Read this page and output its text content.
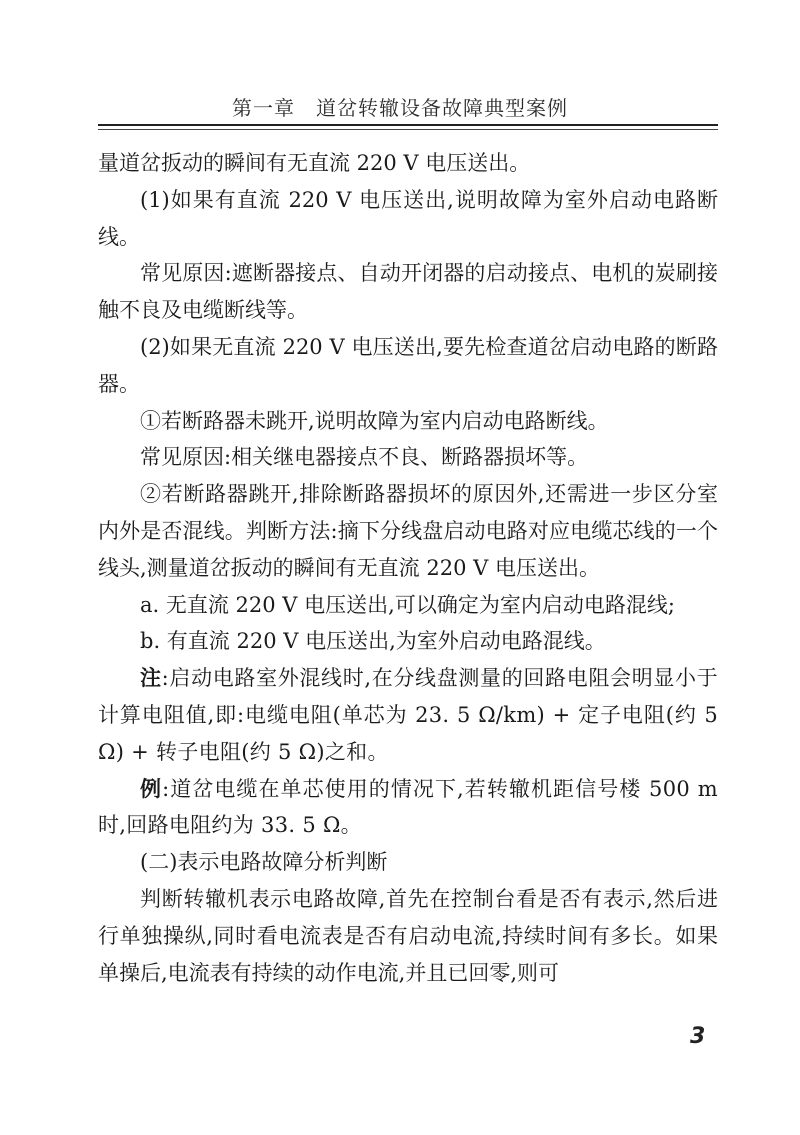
第一章　道岔转辙设备故障典型案例

量道岔扳动的瞬间有无直流 220 V 电压送出。

(1)如果有直流 220 V 电压送出,说明故障为室外启动电路断线。

常见原因:遮断器接点、自动开闭器的启动接点、电机的炭刷接触不良及电缆断线等。

(2)如果无直流 220 V 电压送出,要先检查道岔启动电路的断路器。

①若断路器未跳开,说明故障为室内启动电路断线。

常见原因:相关继电器接点不良、断路器损坏等。

②若断路器跳开,排除断路器损坏的原因外,还需进一步区分室内外是否混线。判断方法:摘下分线盘启动电路对应电缆芯线的一个线头,测量道岔扳动的瞬间有无直流 220 V 电压送出。

a. 无直流 220 V 电压送出,可以确定为室内启动电路混线;

b. 有直流 220 V 电压送出,为室外启动电路混线。

注:启动电路室外混线时,在分线盘测量的回路电阻会明显小于计算电阻值,即:电缆电阻(单芯为 23. 5 Ω/km) + 定子电阻(约 5 Ω) + 转子电阻(约 5 Ω)之和。

例:道岔电缆在单芯使用的情况下,若转辙机距信号楼 500 m时,回路电阻约为 33. 5 Ω。

(二)表示电路故障分析判断

判断转辙机表示电路故障,首先在控制台看是否有表示,然后进行单独操纵,同时看电流表是否有启动电流,持续时间有多长。如果单操后,电流表有持续的动作电流,并且已回零,则可

3
